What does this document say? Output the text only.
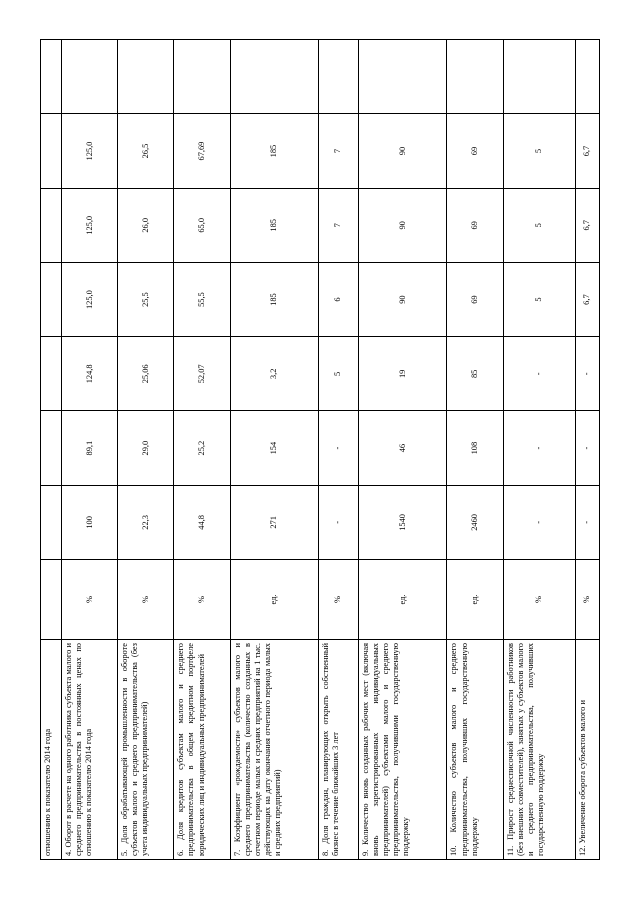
отношению к показателю 2014 года								
4. Оборот в расчете на одного работника субъекта малого и среднего предпринимательства в постоянных ценах по отношению к показателю 2014 года	%	100	89,1	124,8	125,0	125,0	125,0	
5. Доля обрабатывающей промышленности в обороте субъектов малого и среднего предпринимательства (без учета индивидуальных предпринимателей)	%	22,3	29,0	25,06	25,5	26,0	26,5	
6. Доля кредитов субъектам малого и среднего предпринимательства в общем кредитном портфеле юридических лиц и индивидуальных предпринимателей	%	44,8	25,2	52,07	55,5	65,0	67,69	
7. Коэффициент «рождаемости» субъектов малого и среднего предпринимательства (количество созданных в отчетном периоде малых и средних предприятий на 1 тыс. действующих на дату окончания отчетного периода малых и средних предприятий)	ед.	271	154	3,2	185	185	185	
8. Доля граждан, планирующих открыть собственный бизнес в течение ближайших 3 лет	%	-	-	5	6	7	7	
9. Количество вновь созданных рабочих мест (включая вновь зарегистрированных индивидуальных предпринимателей) субъектами малого и среднего предпринимательства, получившими государственную поддержку	ед.	1540	46	19	90	90	90	
10. Количество субъектов малого и среднего предпринимательства, получивших государственную поддержку	ед.	2460	108	85	69	69	69	
11. Прирост среднесписочной численности работников (без внешних совместителей), занятых у субъектов малого и среднего предпринимательства, получивших государственную поддержку	%	-	-	-	5	5	5	
12. Увеличение оборота субъектов малого и	%	-	-	-	6,7	6,7	6,7	
